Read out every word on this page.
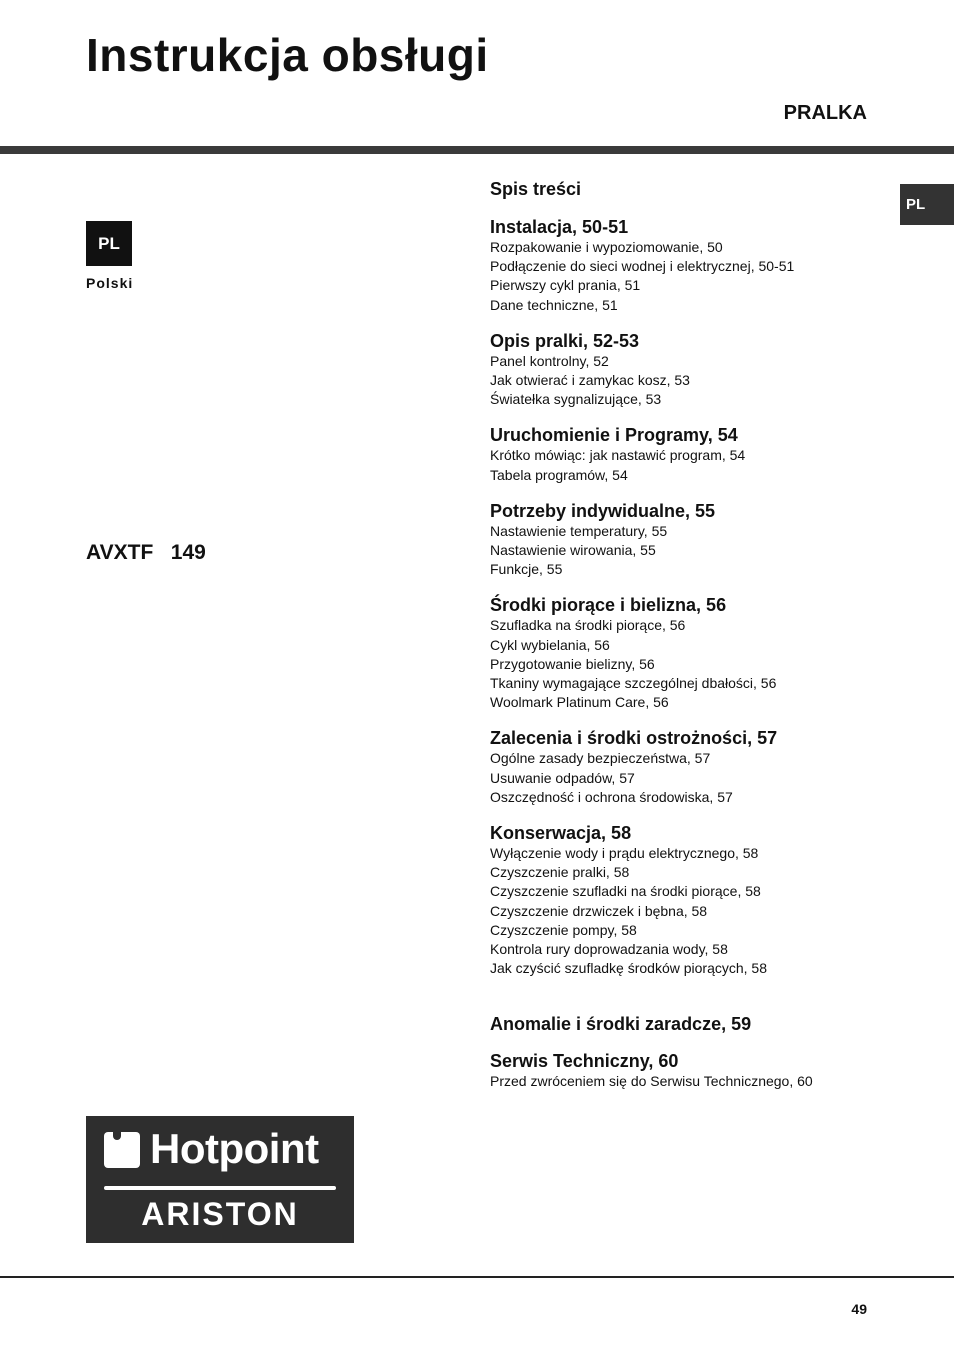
Instrukcja obsługi
PRALKA
PL
PL
Polski
AVXTF   149
Spis treści
Instalacja, 50-51
Rozpakowanie i wypoziomowanie, 50
Podłączenie do sieci wodnej i elektrycznej, 50-51
Pierwszy cykl prania, 51
Dane techniczne, 51
Opis pralki, 52-53
Panel kontrolny, 52
Jak otwierać i zamykac kosz, 53
Światełka sygnalizujące, 53
Uruchomienie i Programy, 54
Krótko mówiąc: jak nastawić program, 54
Tabela programów, 54
Potrzeby indywidualne, 55
Nastawienie temperatury, 55
Nastawienie wirowania, 55
Funkcje, 55
Środki piorące i bielizna, 56
Szufladka na środki piorące, 56
Cykl wybielania, 56
Przygotowanie bielizny, 56
Tkaniny wymagające szczególnej dbałości, 56
Woolmark Platinum Care, 56
Zalecenia i środki ostrożności, 57
Ogólne zasady bezpieczeństwa, 57
Usuwanie odpadów, 57
Oszczędność i ochrona środowiska, 57
Konserwacja, 58
Wyłączenie wody i prądu elektrycznego, 58
Czyszczenie pralki, 58
Czyszczenie szufladki na środki piorące, 58
Czyszczenie drzwiczek i bębna, 58
Czyszczenie pompy, 58
Kontrola rury doprowadzania wody, 58
Jak czyścić szufladkę środków piorących, 58
Anomalie i środki zaradcze, 59
Serwis Techniczny, 60
Przed zwróceniem się do Serwisu Technicznego, 60
Hotpoint
ARISTON
49
